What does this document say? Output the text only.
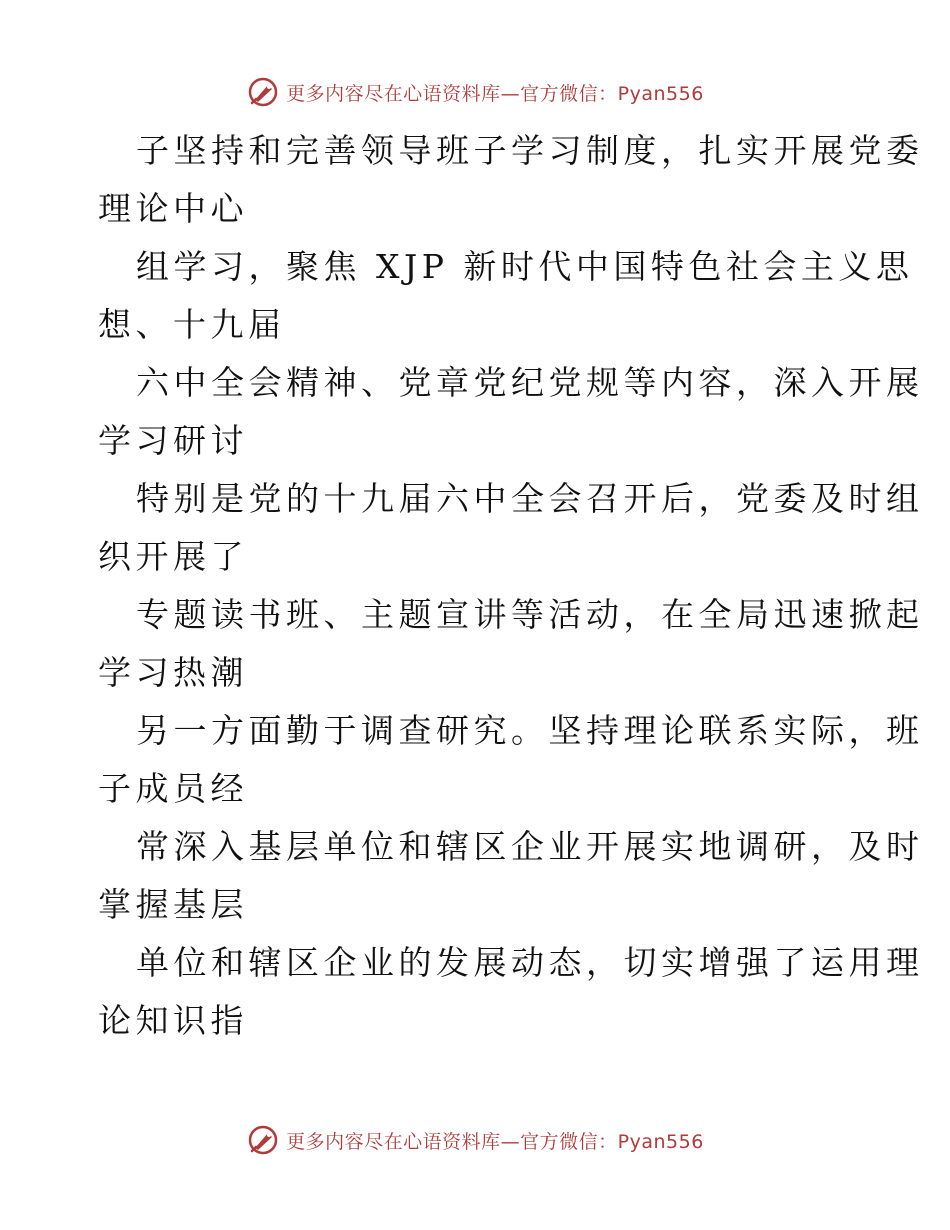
更多内容尽在心语资料库—官方微信：Pyan556
子坚持和完善领导班子学习制度，扎实开展党委
理论中心
组学习，聚焦 XJP 新时代中国特色社会主义思
想、十九届
六中全会精神、党章党纪党规等内容，深入开展
学习研讨
特别是党的十九届六中全会召开后，党委及时组
织开展了
专题读书班、主题宣讲等活动，在全局迅速掀起
学习热潮
另一方面勤于调查研究。坚持理论联系实际，班
子成员经
常深入基层单位和辖区企业开展实地调研，及时
掌握基层
单位和辖区企业的发展动态，切实增强了运用理
论知识指
更多内容尽在心语资料库—官方微信：Pyan556
